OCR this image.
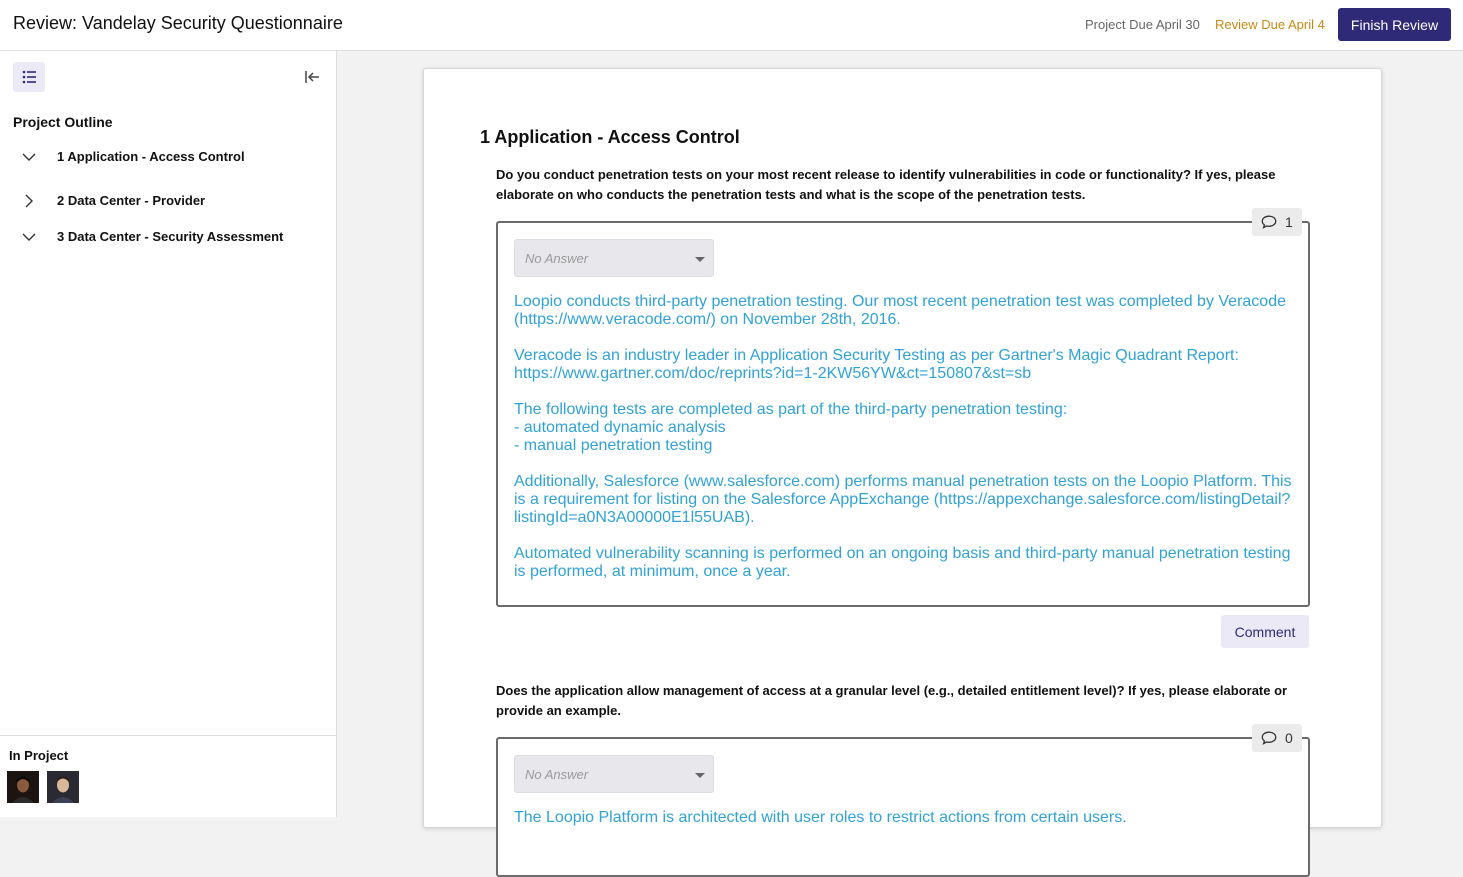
Review: Vandelay Security Questionnaire	Project Due April 30 Review Due April 4	Finish Review
Project Outline
1 Application - Access Control
2 Data Center - Provider
3 Data Center - Security Assessment
In Project
1 Application - Access Control
Do you conduct penetration tests on your most recent release to identify vulnerabilities in code or functionality? If yes, please elaborate on who conducts the penetration tests and what is the scope of the penetration tests.
No Answer

Loopio conducts third-party penetration testing. Our most recent penetration test was completed by Veracode (https://www.veracode.com/) on November 28th, 2016.

Veracode is an industry leader in Application Security Testing as per Gartner's Magic Quadrant Report: https://www.gartner.com/doc/reprints?id=1-2KW56YW&ct=150807&st=sb

The following tests are completed as part of the third-party penetration testing:
- automated dynamic analysis
- manual penetration testing

Additionally, Salesforce (www.salesforce.com) performs manual penetration tests on the Loopio Platform. This is a requirement for listing on the Salesforce AppExchange (https://appexchange.salesforce.com/listingDetail?listingId=a0N3A00000E1l55UAB).

Automated vulnerability scanning is performed on an ongoing basis and third-party manual penetration testing is performed, at minimum, once a year.

1
Comment
Does the application allow management of access at a granular level (e.g., detailed entitlement level)? If yes, please elaborate or provide an example.
No Answer

The Loopio Platform is architected with user roles to restrict actions from certain users.

0
